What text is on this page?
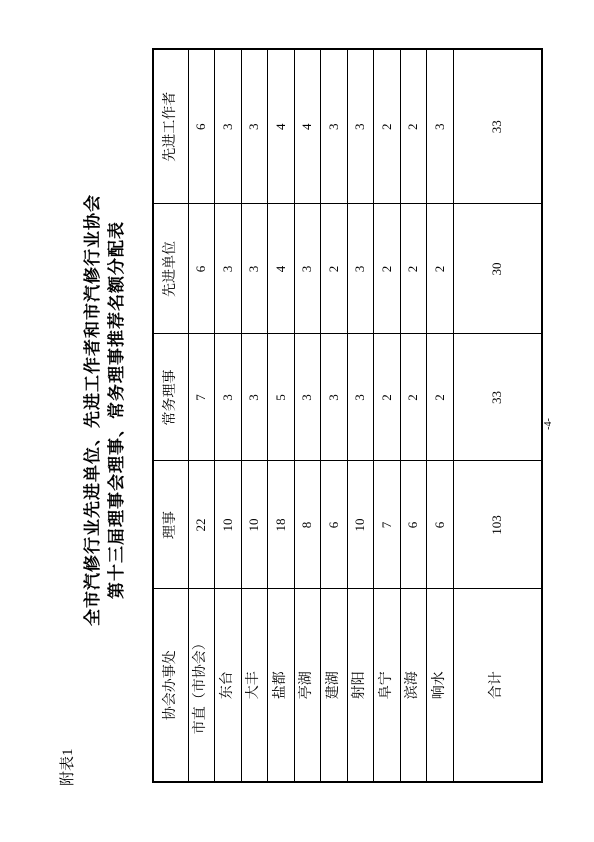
附表1
全市汽修行业先进单位、先进工作者和市汽修行业协会 第十三届理事会理事、常务理事推荐名额分配表
协会办事处	理事	常务理事	先进单位	先进工作者
市直（市协会）	22	7	6	6
东台	10	3	3	3
大丰	10	3	3	3
盐都	18	5	4	4
亭湖	8	3	3	4
建湖	6	3	2	3
射阳	10	3	3	3
阜宁	7	2	2	2
滨海	6	2	2	2
响水	6	2	2	3
合计	103	33	30	33
-4-
